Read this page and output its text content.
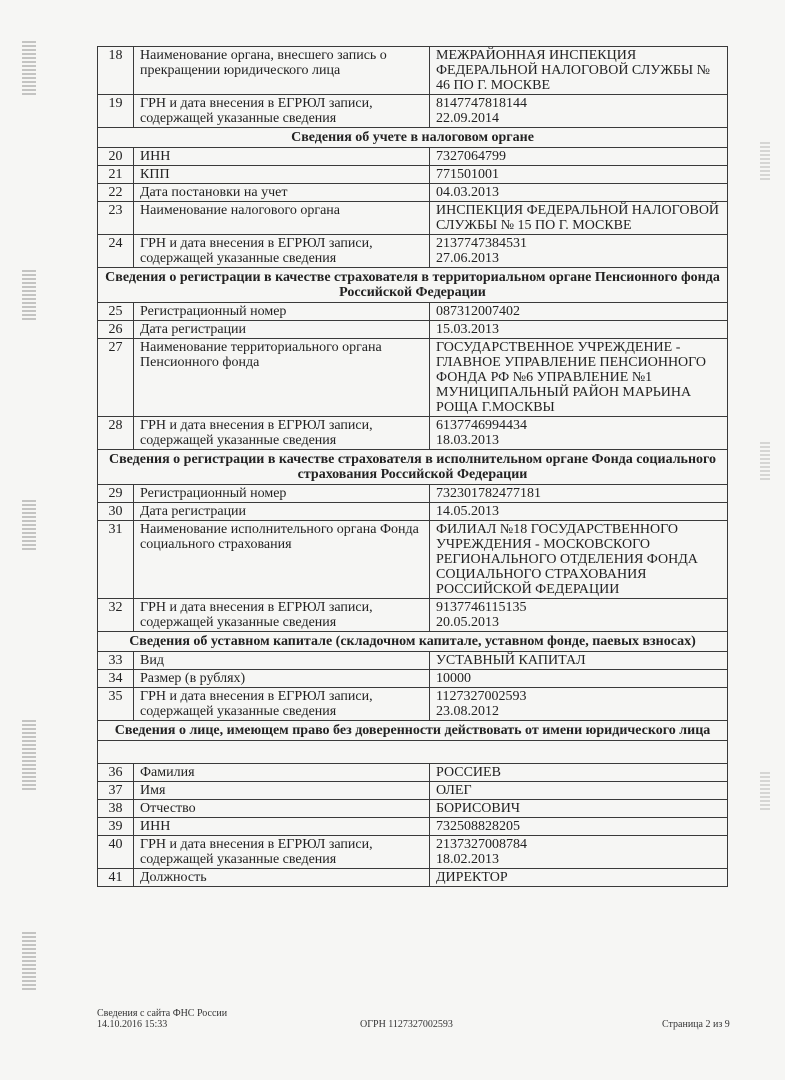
18	Наименование органа, внесшего запись о прекращении юридического лица	МЕЖРАЙОННАЯ ИНСПЕКЦИЯ ФЕДЕРАЛЬНОЙ НАЛОГОВОЙ СЛУЖБЫ № 46 ПО Г. МОСКВЕ
19	ГРН и дата внесения в ЕГРЮЛ записи, содержащей указанные сведения	8147747818144
22.09.2014
Сведения об учете в налоговом органе		
20	ИНН	7327064799
21	КПП	771501001
22	Дата постановки на учет	04.03.2013
23	Наименование налогового органа	ИНСПЕКЦИЯ ФЕДЕРАЛЬНОЙ НАЛОГОВОЙ СЛУЖБЫ № 15 ПО Г. МОСКВЕ
24	ГРН и дата внесения в ЕГРЮЛ записи, содержащей указанные сведения	2137747384531
27.06.2013
Сведения о регистрации в качестве страхователя в территориальном органе Пенсионного фонда Российской Федерации		
25	Регистрационный номер	087312007402
26	Дата регистрации	15.03.2013
27	Наименование территориального органа Пенсионного фонда	ГОСУДАРСТВЕННОЕ УЧРЕЖДЕНИЕ - ГЛАВНОЕ УПРАВЛЕНИЕ ПЕНСИОННОГО ФОНДА РФ №6 УПРАВЛЕНИЕ №1 МУНИЦИПАЛЬНЫЙ РАЙОН МАРЬИНА РОЩА Г.МОСКВЫ
28	ГРН и дата внесения в ЕГРЮЛ записи, содержащей указанные сведения	6137746994434
18.03.2013
Сведения о регистрации в качестве страхователя в исполнительном органе Фонда социального страхования Российской Федерации		
29	Регистрационный номер	732301782477181
30	Дата регистрации	14.05.2013
31	Наименование исполнительного органа Фонда социального страхования	ФИЛИАЛ №18 ГОСУДАРСТВЕННОГО УЧРЕЖДЕНИЯ - МОСКОВСКОГО РЕГИОНАЛЬНОГО ОТДЕЛЕНИЯ ФОНДА СОЦИАЛЬНОГО СТРАХОВАНИЯ РОССИЙСКОЙ ФЕДЕРАЦИИ
32	ГРН и дата внесения в ЕГРЮЛ записи, содержащей указанные сведения	9137746115135
20.05.2013
Сведения об уставном капитале (складочном капитале, уставном фонде, паевых взносах)		
33	Вид	УСТАВНЫЙ КАПИТАЛ
34	Размер (в рублях)	10000
35	ГРН и дата внесения в ЕГРЮЛ записи, содержащей указанные сведения	1127327002593
23.08.2012
Сведения о лице, имеющем право без доверенности действовать от имени юридического лица		

36	Фамилия	РОССИЕВ
37	Имя	ОЛЕГ
38	Отчество	БОРИСОВИЧ
39	ИНН	732508828205
40	ГРН и дата внесения в ЕГРЮЛ записи, содержащей указанные сведения	2137327008784
18.02.2013
41	Должность	ДИРЕКТОР
Сведения с сайта ФНС России
14.10.2016 15:33	ОГРН 1127327002593	Страница 2 из 9
